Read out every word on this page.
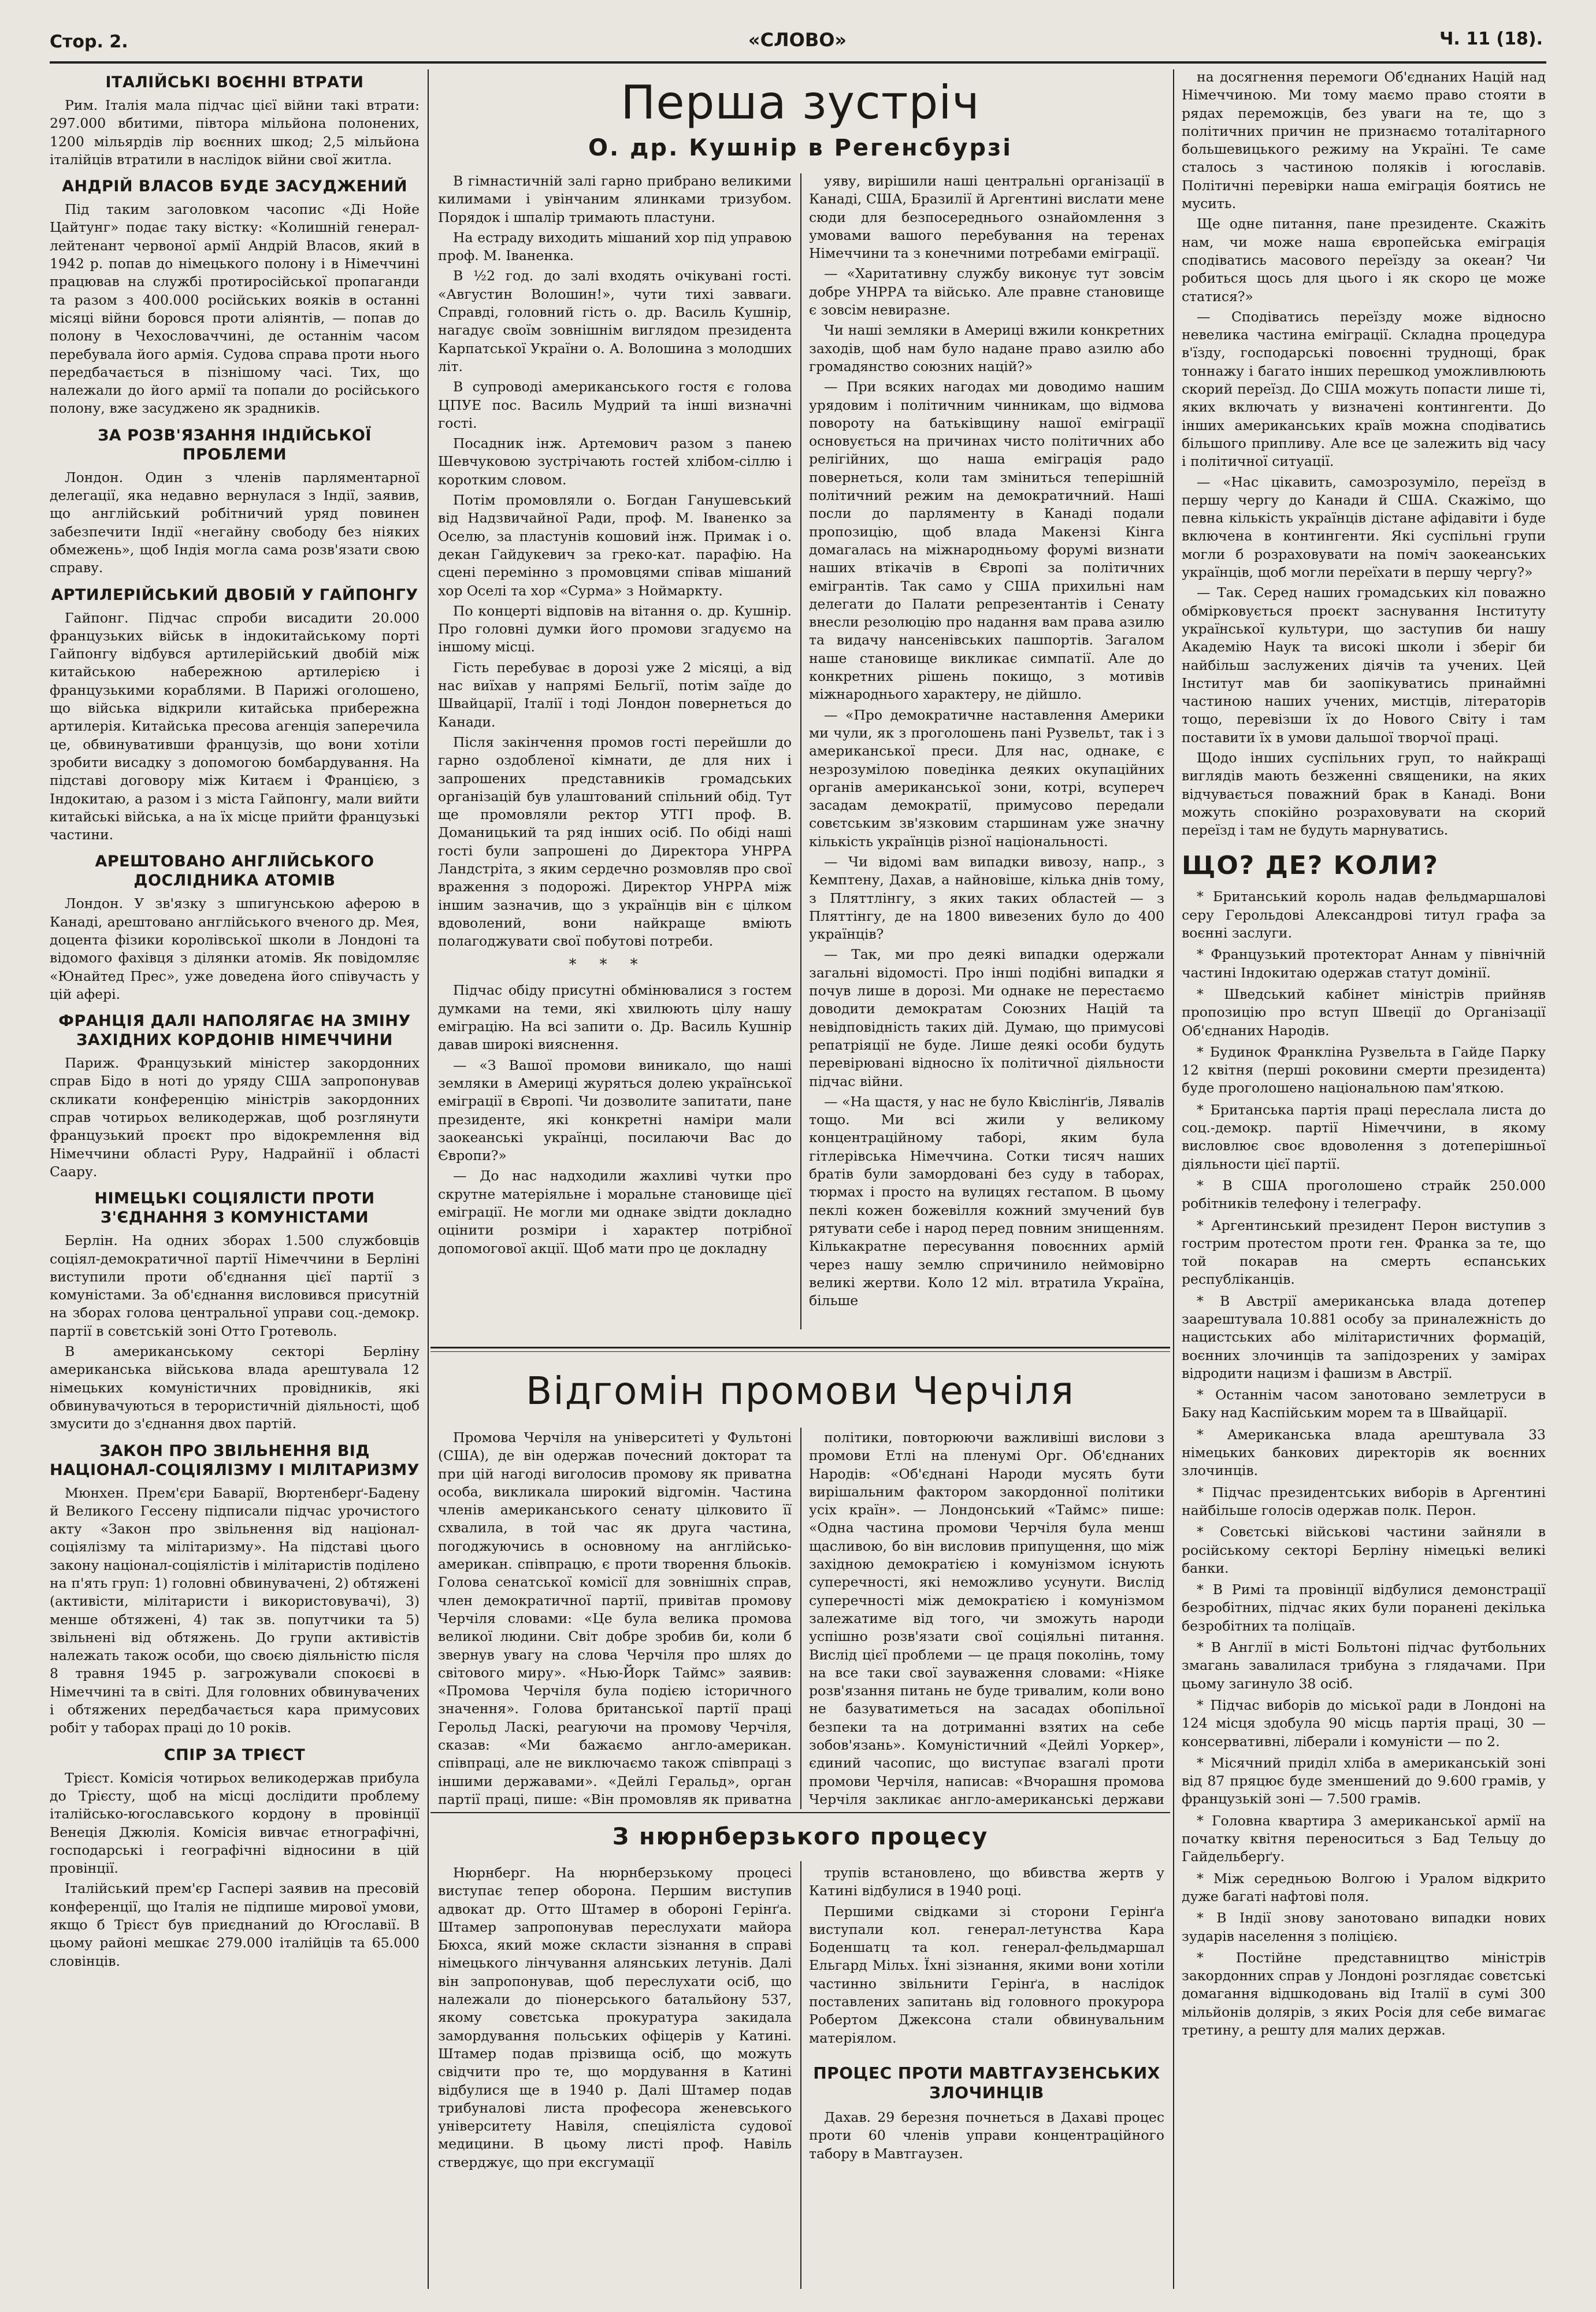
Стор. 2.	«СЛОВО»	Ч. 11 (18).
ІТАЛІЙСЬКІ ВОЄННІ ВТРАТИ

Рим. Італія мала підчас цієї війни такі втрати: 297.000 вбитими, півтора мільйона полонених, 1200 мільярдів лір воєнних шкод; 2,5 мільйона італійців втратили в наслідок війни свої житла.

АНДРІЙ ВЛАСОВ БУДЕ ЗАСУДЖЕНИЙ

Під таким заголовком часопис «Ді Нойе Цайтунг» подає таку вістку: «Колишній генерал-лейтенант червоної армії Андрій Власов, який в 1942 р. попав до німецького полону і в Німеччині працював на службі протиросійської пропаганди та разом з 400.000 російських вояків в останні місяці війни боровся проти аліянтів, — попав до полону в Чехословаччині, де останнім часом перебувала його армія. Судова справа проти нього передбачається в пізнішому часі. Тих, що належали до його армії та попали до російського полону, вже засуджено як зрадників.

ЗА РОЗВ'ЯЗАННЯ ІНДІЙСЬКОЇ ПРОБЛЕМИ

Лондон. Один з членів парляментарної делегації, яка недавно вернулася з Індії, заявив, що англійський робітничий уряд повинен забезпечити Індії «негайну свободу без ніяких обмежень», щоб Індія могла сама розв'язати свою справу.

АРТИЛЕРІЙСЬКИЙ ДВОБІЙ У ГАЙПОНГУ

Гайпонг. Підчас спроби висадити 20.000 французьких військ в індокитайському порті Гайпонгу відбувся артилерійський двобій між китайською набережною артилерією і французькими кораблями. В Парижі оголошено, що війська відкрили китайська прибережна артилерія. Китайська пресова агенція заперечила це, обвинувативши французів, що вони хотіли зробити висадку з допомогою бомбардування. На підставі договору між Китаєм і Францією, з Індокитаю, а разом і з міста Гайпонгу, мали вийти китайські війська, а на їх місце прийти французькі частини.

АРЕШТОВАНО АНГЛІЙСЬКОГО ДОСЛІДНИКА АТОМІВ

Лондон. У зв'язку з шпигунською аферою в Канаді, арештовано англійського вченого др. Мея, доцента фізики королівської школи в Лондоні та відомого фахівця з ділянки атомів. Як повідомляє «Юнайтед Прес», уже доведена його співучасть у цій афері.

ФРАНЦІЯ ДАЛІ НАПОЛЯГАЄ НА ЗМІНУ ЗАХІДНИХ КОРДОНІВ НІМЕЧЧИНИ

Париж. Французький міністер закордонних справ Бідо в ноті до уряду США запропонував скликати конференцію міністрів закордонних справ чотирьох великодержав, щоб розглянути французький проєкт про відокремлення від Німеччини області Руру, Надрайнії і області Сааpу.

НІМЕЦЬКІ СОЦІЯЛІСТИ ПРОТИ З'ЄДНАННЯ З КОМУНІСТАМИ

Берлін. На одних зборах 1.500 службовців соціял-демократичної партії Німеччини в Берліні виступили проти об'єднання цієї партії з комуністами. За об'єднання висловився присутній на зборах голова центральної управи соц.-демокр. партії в совєтській зоні Отто Гротеволь.

В американському секторі Берліну американська військова влада арештувала 12 німецьких комуністичних провідників, які обвинувачуються в терористичній діяльності, щоб змусити до з'єднання двох партій.

ЗАКОН ПРО ЗВІЛЬНЕННЯ ВІД НАЦІОНАЛ-СОЦІЯЛІЗМУ І МІЛІТАРИЗМУ

Мюнхен. Прем'єри Баварії, Вюртенберґ-Бадену й Великого Гессену підписали підчас урочистого акту «Закон про звільнення від націонал-соціялізму та мілітаризму». На підставі цього закону націонал-соціялістів і мілітаристів поділено на п'ять груп: 1) головні обвинувачені, 2) обтяжені (активісти, мілітаристи і використовувачі), 3) менше обтяжені, 4) так зв. попутчики та 5) звільнені від обтяжень. До групи активістів належать також особи, що своєю діяльністю після 8 травня 1945 р. загрожували спокоєві в Німеччині та в світі. Для головних обвинувачених і обтяжених передбачається кара примусових робіт у таборах праці до 10 років.

СПІР ЗА ТРІЄСТ

Трієст. Комісія чотирьох великодержав прибула до Трієсту, щоб на місці дослідити проблему італійсько-югославського кордону в провінції Венеція Джюлія. Комісія вивчає етнографічні, господарські і географічні відносини в цій провінції.

Італійський прем'єр Гаспері заявив на пресовій конференції, що Італія не підпише мирової умови, якщо б Трієст був приєднаний до Югославії. В цьому районі мешкає 279.000 італійців та 65.000 словінців.

Перша зустріч
О. др. Кушнір в Регенсбурзі

В гімнастичній залі гарно прибрано великими килимами і увінчаним ялинками тризубом. Порядок і шпалір тримають пластуни.

На естраду виходить мішаний хор під управою проф. М. Іваненка.

В ½2 год. до залі входять очікувані гості. «Августин Волошин!», чути тихі завваги. Справді, головний гість о. др. Василь Кушнір, нагадує своїм зовнішнім виглядом президента Карпатської України о. А. Волошина з молодших літ.

В супроводі американського гостя є голова ЦПУЕ пос. Василь Мудрий та інші визначні гості.

Посадник інж. Артемович разом з панею Шевчуковою зустрічають гостей хлібом-сіллю і коротким словом.

Потім промовляли о. Богдан Ганушевський від Надзвичайної Ради, проф. М. Іваненко за Оселю, за пластунів кошовий інж. Примак і о. декан Гайдукевич за греко-кат. парафію. На сцені перемінно з промовцями співав мішаний хор Оселі та хор «Сурма» з Ноймаркту.

По концерті відповів на вітання о. др. Кушнір. Про головні думки його промови згадуємо на іншому місці.

Гість перебуває в дорозі уже 2 місяці, а від нас виїхав у напрямі Бельгії, потім заїде до Швайцарії, Італії і тоді Лондон повернеться до Канади.

Після закінчення промов гості перейшли до гарно оздобленої кімнати, де для них і запрошених представників громадських організацій був улаштований спільний обід. Тут ще промовляли ректор УТГІ проф. В. Доманицький та ряд інших осіб. По обіді наші гості були запрошені до Директора УНРРА Ландстріта, з яким сердечно розмовляв про свої враження з подорожі. Директор УНРРА між іншим зазначив, що з українців він є цілком вдоволений, вони найкраще вміють полагоджувати свої побутові потреби.

***

Підчас обіду присутні обмінювалися з гостем думками на теми, які хвилюють цілу нашу еміграцію. На всі запити о. Др. Василь Кушнір давав широкі вияснення.

— «З Вашої промови виникало, що наші земляки в Америці журяться долею української еміграції в Європі. Чи дозволите запитати, пане президенте, які конкретні наміри мали заокеанські українці, посилаючи Вас до Європи?»

— До нас надходили жахливі чутки про скрутне матеріяльне і моральне становище цієї еміграції. Не могли ми однаке звідти докладно оцінити розміри і характер потрібної допомогової акції. Щоб мати про це докладну

уяву, вирішили наші центральні організації в Канаді, США, Бразилії й Аргентині вислати мене сюди для безпосереднього ознайомлення з умовами вашого перебування на теренах Німеччини та з конечними потребами еміграції.

— «Харитативну службу виконує тут зовсім добре УНРРА та військо. Але правне становище є зовсім невиразне.

Чи наші земляки в Америці вжили конкретних заходів, щоб нам було надане право азилю або громадянство союзних націй?»

— При всяких нагодах ми доводимо нашим урядовим і політичним чинникам, що відмова повороту на батьківщину нашої еміграції основується на причинах чисто політичних або релігійних, що наша еміграція радо повернеться, коли там зміниться теперішній політичний режим на демократичний. Наші посли до парляменту в Канаді подали пропозицію, щоб влада Макензі Кінга домагалась на міжнародньому форумі визнати наших втікачів в Європі за політичних емігрантів. Так само у США прихильні нам делегати до Палати репрезентантів і Сенату внесли резолюцію про надання вам права азилю та видачу нансенівських пашпортів. Загалом наше становище викликає симпатії. Але до конкретних рішень покищо, з мотивів міжнароднього характеру, не дійшло.

— «Про демократичне наставлення Америки ми чули, як з проголошень пані Рузвельт, так і з американської преси. Для нас, однаке, є незрозумілою поведінка деяких окупаційних органів американської зони, котрі, всупереч засадам демократії, примусово передали совєтським зв'язковим старшинам уже значну кількість українців різної національності.

— Чи відомі вам випадки вивозу, напр., з Кемптену, Дахав, а найновіше, кілька днів тому, з Пляттлінгу, з яких таких областей — з Пляттінгу, де на 1800 вивезених було до 400 українців?

— Так, ми про деякі випадки одержали загальні відомості. Про інші подібні випадки я почув лише в дорозі. Ми однаке не перестаємо доводити демократам Союзних Націй та невідповідність таких дій. Думаю, що примусові репатріяції не буде. Лише деякі особи будуть перевірювані відносно їх політичної діяльности підчас війни.

— «На щастя, у нас не було Квіслінґів, Лявалів тощо. Ми всі жили у великому концентраційному таборі, яким була гітлерівська Німеччина. Сотки тисяч наших братів були замордовані без суду в таборах, тюрмах і просто на вулицях гестапом. В цьому пеклі кожен божевілля кожний змучений був рятувати себе і народ перед повним знищенням. Кількакратне пересування повоєнних армій через нашу землю спричинило неймовірно великі жертви. Коло 12 міл. втратила Україна, більше

на досягнення перемоги Об'єднаних Націй над Німеччиною. Ми тому маємо право стояти в рядах переможців, без уваги на те, що з політичних причин не признаємо тоталітарного большевицького режиму на Україні. Те саме сталось з частиною поляків і югославів. Політичні перевірки наша еміграція боятись не мусить.

Ще одне питання, пане президенте. Скажіть нам, чи може наша європейська еміграція сподіватись масового переїзду за океан? Чи робиться щось для цього і як скоро це може статися?»

— Сподіватись переїзду може відносно невелика частина еміграції. Складна процедура в'їзду, господарські повоєнні труднощі, брак тоннажу і багато інших перешкод уможливлюють скорий переїзд. До США можуть попасти лише ті, яких включать у визначені контингенти. До інших американських країв можна сподіватись більшого припливу. Але все це залежить від часу і політичної ситуації.

— «Нас цікавить, самозрозуміло, переїзд в першу чергу до Канади й США. Скажімо, що певна кількість українців дістане афідавіти і буде включена в контингенти. Які суспільні групи могли б розраховувати на поміч заокеанських українців, щоб могли переїхати в першу чергу?»

— Так. Серед наших громадських кіл поважно обмірковується проєкт заснування Інституту української культури, що заступив би нашу Академію Наук та високі школи і зберіг би найбільш заслужених діячів та учених. Цей Інститут мав би заопікуватись принаймні частиною наших учених, мистців, літераторів тощо, перевізши їх до Нового Світу і там поставити їх в умови дальшої творчої праці.

Щодо інших суспільних груп, то найкращі виглядів мають безженні священики, на яких відчувається поважний брак в Канаді. Вони можуть спокійно розраховувати на скорий переїзд і там не будуть марнуватись.

ЩО? ДЕ? КОЛИ?

* Британський король надав фельдмаршалові серу Герольдові Александрові титул графа за воєнні заслуги.

* Французький протекторат Аннам у північній частині Індокитаю одержав статут домінії.

* Шведський кабінет міністрів прийняв пропозицію про вступ Швеції до Організації Об'єднаних Народів.

* Будинок Франкліна Рузвельта в Гайде Парку 12 квітня (перші роковини смерти президента) буде проголошено національною пам'яткою.

* Британська партія праці переслала листа до соц.-демокр. партії Німеччини, в якому висловлює своє вдоволення з дотеперішньої діяльности цієї партії.

* В США проголошено страйк 250.000 робітників телефону і телеграфу.

* Аргентинський президент Перон виступив з гострим протестом проти ген. Франка за те, що той покарав на смерть еспанських республіканців.

* В Австрії американська влада дотепер заарештувала 10.881 особу за приналежність до нацистських або мілітаристичних формацій, воєнних злочинців та запідозрених у замірах відродити нацизм і фашизм в Австрії.

* Останнім часом занотовано землетруси в Баку над Каспійським морем та в Швайцарії.

* Американська влада арештувала 33 німецьких банкових директорів як воєнних злочинців.

* Підчас президентських виборів в Аргентині найбільше голосів одержав полк. Перон.

* Совєтські військові частини зайняли в російському секторі Берліну німецькі великі банки.

* В Римі та провінції відбулися демонстрації безробітних, підчас яких були поранені декілька безробітних та поліцаїв.

* В Англії в місті Больтоні підчас футбольних змагань завалилася трибуна з глядачами. При цьому загинуло 38 осіб.

* Підчас виборів до міської ради в Лондоні на 124 місця здобула 90 місць партія праці, 30 — консервативні, ліберали і комуністи — по 2.

* Місячний приділ хліба в американській зоні від 87 пряцює буде зменшений до 9.600 грамів, у французькій зоні — 7.500 грамів.

* Головна квартира 3 американської армії на початку квітня переноситься з Бад Тельцу до Гайдельберґу.

* Між середньою Волгою і Уралом відкрито дуже багаті нафтові поля.

* В Індії знову занотовано випадки нових зударів населення з поліцією.

* Постійне представництво міністрів закордонних справ у Лондоні розглядає совєтські домагання відшкодовань від Італії в сумі 300 мільйонів долярів, з яких Росія для себе вимагає третину, а решту для малих держав.

Відгомін промови Черчіля

Промова Черчіля на університеті у Фультоні (США), де він одержав почесний докторат та при цій нагоді виголосив промову як приватна особа, викликала широкий відгомін. Частина членів американського сенату цілковито її схвалила, в той час як друга частина, погоджуючись в основному на англійсько-американ. співпрацю, є проти творення бльоків. Голова сенатської комісії для зовнішніх справ, член демократичної партії, привітав промову Черчіля словами: «Це була велика промова великої людини. Світ добре зробив би, коли б звернув увагу на слова Черчіля про шлях до світового миру». «Нью-Йорк Таймс» заявив: «Промова Черчіля була подією історичного значення». Голова британської партії праці Герольд Ласкі, реагуючи на промову Черчіля, сказав: «Ми бажаємо англо-американ. співпраці, але не виключаємо також співпраці з іншими державами». «Дейлі Геральд», орган партії праці, пише: «Він промовляв як приватна

політики, повторюючи важливіші вислови з промови Етлі на пленумі Орг. Об'єднаних Народів: «Об'єднані Народи мусять бути вирішальним фактором закордонної політики усіх країн». — Лондонський «Таймс» пише: «Одна частина промови Черчіля була менш щасливою, бо він висловив припущення, що між західною демократією і комунізмом існують суперечності, які неможливо усунути. Вислід суперечності між демократією і комунізмом залежатиме від того, чи зможуть народи успішно розв'язати свої соціяльні питання. Вислід цієї проблеми — це праця поколінь, тому на все таки свої зауваження словами: «Ніяке розв'язання питань не буде тривалим, коли воно не базуватиметься на засадах обопільної безпеки та на дотриманні взятих на себе зобов'язань». Комуністичний «Дейлі Уоркер», єдиний часопис, що виступає взагалі проти промови Черчіля, написав: «Вчорашня промова Черчіля закликає англо-американські держави

З нюрнберзького процесу

Нюрнберг. На нюрнберзькому процесі виступає тепер оборона. Першим виступив адвокат др. Отто Штамер в обороні Герінґа. Штамер запропонував переслухати майора Бюхса, який може скласти зізнання в справі німецького лінчування алянських летунів. Далі він запропонував, щоб переслухати осіб, що належали до піонерського батальйону 537, якому совєтська прокуратура закидала замордування польських офіцерів у Катині. Штамер подав прізвища осіб, що можуть свідчити про те, що мордування в Катині відбулися ще в 1940 р. Далі Штамер подав трибуналові листа професора женевського університету Навіля, спеціяліста судової медицини. В цьому листі проф. Навіль стверджує, що при ексгумації

трупів встановлено, що вбивства жертв у Катині відбулися в 1940 році.

Першими свідками зі сторони Герінґа виступали кол. генерал-летунства Кара Боденшатц та кол. генерал-фельдмаршал Ельгард Мільх. Їхні зізнання, якими вони хотіли частинно звільнити Герінґа, в наслідок поставлених запитань від головного прокурора Робертом Джексона стали обвинувальним матеріялом.

ПРОЦЕС ПРОТИ МАВТГАУЗЕНСЬКИХ ЗЛОЧИНЦІВ

Дахав. 29 березня почнеться в Дахаві процес проти 60 членів управи концентраційного табору в Мавтгаузен.
